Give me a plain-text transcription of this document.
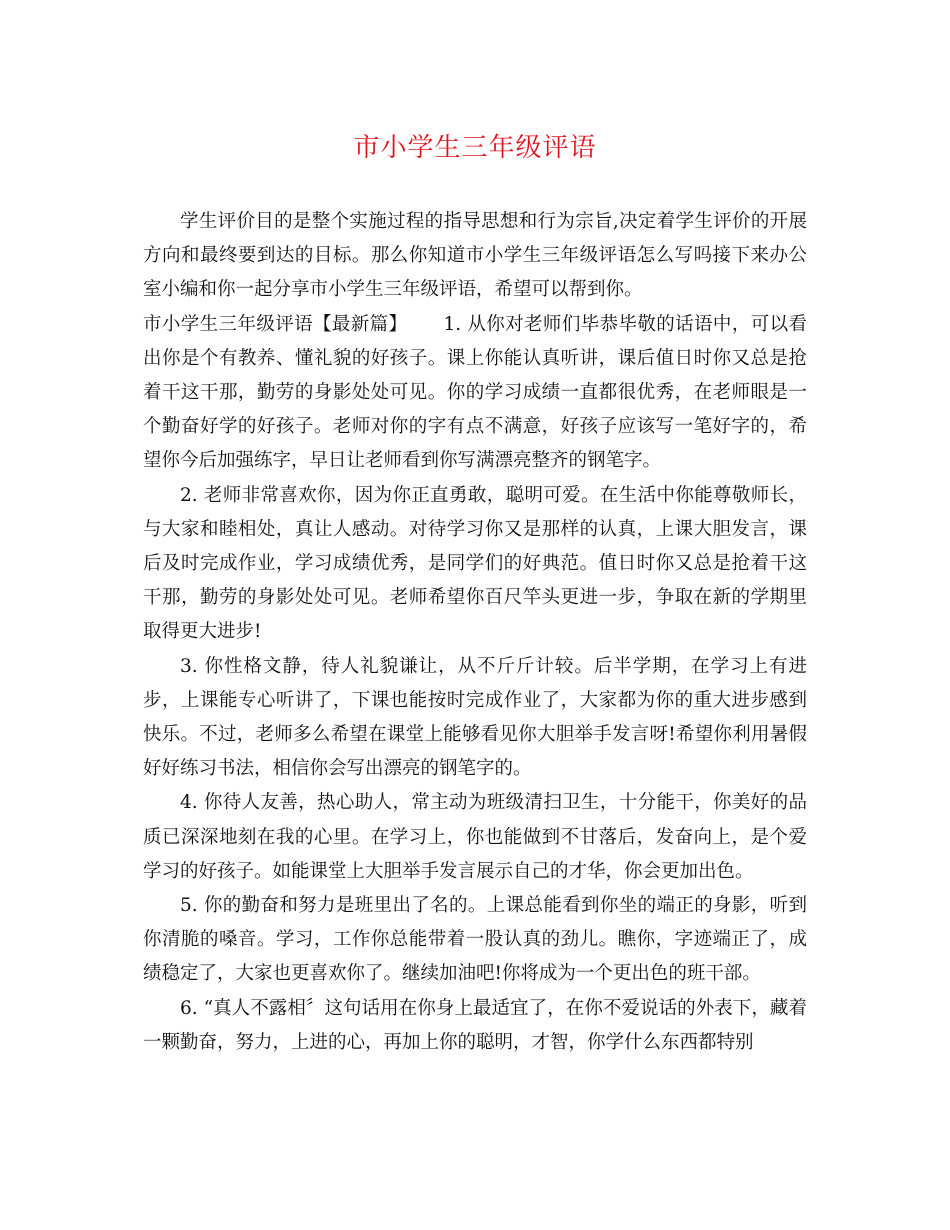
市小学生三年级评语

学生评价目的是整个实施过程的指导思想和行为宗旨,决定着学生评价的开展方向和最终要到达的目标。那么你知道市小学生三年级评语怎么写吗接下来办公室小编和你一起分享市小学生三年级评语，希望可以帮到你。

市小学生三年级评语【最新篇】 1. 从你对老师们毕恭毕敬的话语中，可以看出你是个有教养、懂礼貌的好孩子。课上你能认真听讲，课后值日时你又总是抢着干这干那，勤劳的身影处处可见。你的学习成绩一直都很优秀，在老师眼是一个勤奋好学的好孩子。老师对你的字有点不满意，好孩子应该写一笔好字的，希望你今后加强练字，早日让老师看到你写满漂亮整齐的钢笔字。

2. 老师非常喜欢你，因为你正直勇敢，聪明可爱。在生活中你能尊敬师长，与大家和睦相处，真让人感动。对待学习你又是那样的认真，上课大胆发言，课后及时完成作业，学习成绩优秀，是同学们的好典范。值日时你又总是抢着干这干那，勤劳的身影处处可见。老师希望你百尺竿头更进一步，争取在新的学期里取得更大进步!

3. 你性格文静，待人礼貌谦让，从不斤斤计较。后半学期，在学习上有进步，上课能专心听讲了，下课也能按时完成作业了，大家都为你的重大进步感到快乐。不过，老师多么希望在课堂上能够看见你大胆举手发言呀!希望你利用暑假好好练习书法，相信你会写出漂亮的钢笔字的。

4. 你待人友善，热心助人，常主动为班级清扫卫生，十分能干，你美好的品质已深深地刻在我的心里。在学习上，你也能做到不甘落后，发奋向上，是个爱学习的好孩子。如能课堂上大胆举手发言展示自己的才华，你会更加出色。

5. 你的勤奋和努力是班里出了名的。上课总能看到你坐的端正的身影，听到你清脆的嗓音。学习，工作你总能带着一股认真的劲儿。瞧你，字迹端正了，成绩稳定了，大家也更喜欢你了。继续加油吧!你将成为一个更出色的班干部。

6. “真人不露相〞这句话用在你身上最适宜了，在你不爱说话的外表下，藏着一颗勤奋，努力，上进的心，再加上你的聪明，才智，你学什么东西都特别
